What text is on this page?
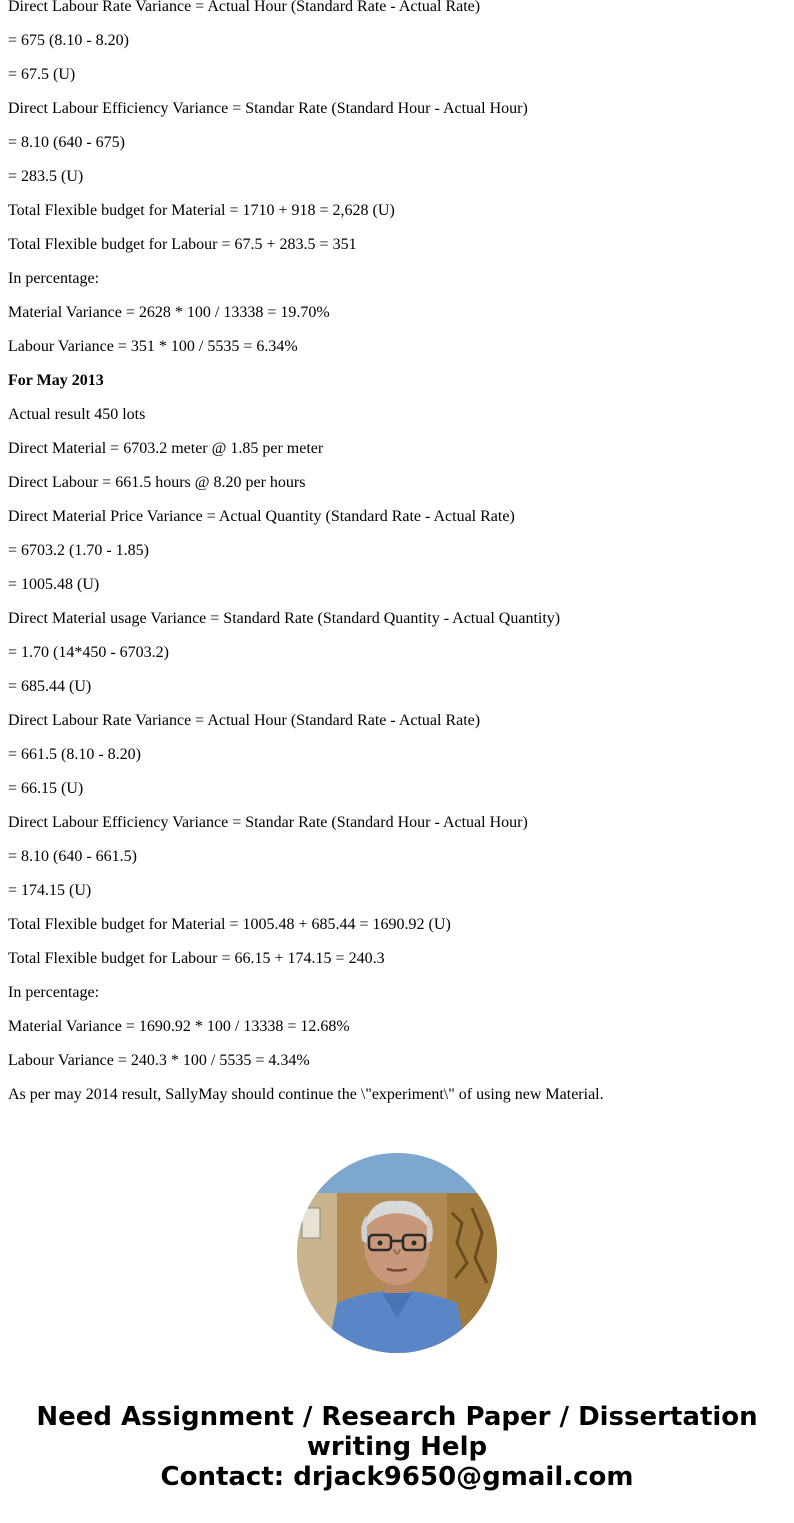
Direct Labour Rate Variance = Actual Hour (Standard Rate - Actual Rate)

= 675 (8.10 - 8.20)

= 67.5 (U)

Direct Labour Efficiency Variance = Standar Rate (Standard Hour - Actual Hour)

= 8.10 (640 - 675)

= 283.5 (U)

Total Flexible budget for Material = 1710 + 918 = 2,628 (U)

Total Flexible budget for Labour = 67.5 + 283.5 = 351

In percentage:

Material Variance = 2628 * 100 / 13338 = 19.70%

Labour Variance = 351 * 100 / 5535 = 6.34%

For May 2013

Actual result 450 lots

Direct Material = 6703.2 meter @ 1.85 per meter

Direct Labour = 661.5 hours @ 8.20 per hours

Direct Material Price Variance = Actual Quantity (Standard Rate - Actual Rate)

= 6703.2 (1.70 - 1.85)

= 1005.48 (U)

Direct Material usage Variance = Standard Rate (Standard Quantity - Actual Quantity)

= 1.70 (14*450 - 6703.2)

= 685.44 (U)

Direct Labour Rate Variance = Actual Hour (Standard Rate - Actual Rate)

= 661.5 (8.10 - 8.20)

= 66.15 (U)

Direct Labour Efficiency Variance = Standar Rate (Standard Hour - Actual Hour)

= 8.10 (640 - 661.5)

= 174.15 (U)

Total Flexible budget for Material = 1005.48 + 685.44 = 1690.92 (U)

Total Flexible budget for Labour = 66.15 + 174.15 = 240.3

In percentage:

Material Variance = 1690.92 * 100 / 13338 = 12.68%

Labour Variance = 240.3 * 100 / 5535 = 4.34%

As per may 2014 result, SallyMay should continue the \"experiment\" of using new Material.

Need Assignment / Research Paper / Dissertation
writing Help
Contact: drjack9650@gmail.com
